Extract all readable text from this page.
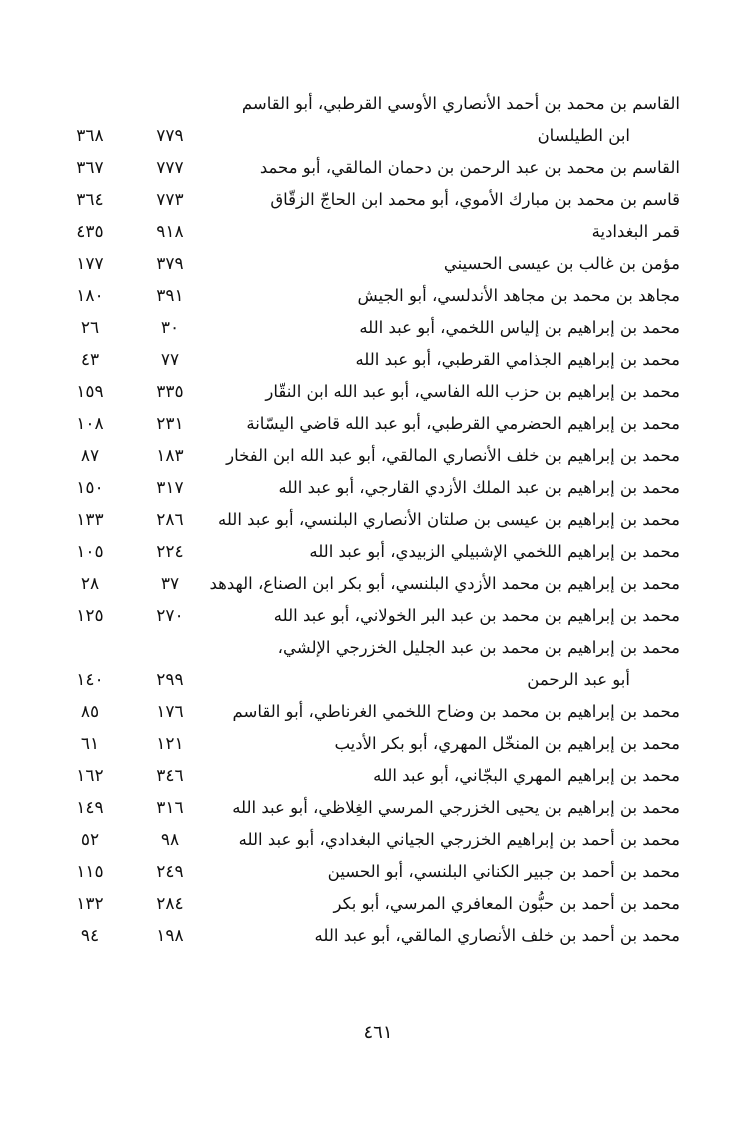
القاسم بن محمد بن أحمد الأنصاري الأوسي القرطبي، أبو القاسم
ابن الطيلسان
٧٧٩
٣٦٨
القاسم بن محمد بن عبد الرحمن بن دحمان المالقي، أبو محمد
٧٧٧
٣٦٧
قاسم بن محمد بن مبارك الأموي، أبو محمد ابن الحاجّ الزقّاق
٧٧٣
٣٦٤
قمر البغدادية
٩١٨
٤٣٥
مؤمن بن غالب بن عيسى الحسيني
٣٧٩
١٧٧
مجاهد بن محمد بن مجاهد الأندلسي، أبو الجيش
٣٩١
١٨٠
محمد بن إبراهيم بن إلياس اللخمي، أبو عبد الله
٣٠
٢٦
محمد بن إبراهيم الجذامي القرطبي، أبو عبد الله
٧٧
٤٣
محمد بن إبراهيم بن حزب الله الفاسي، أبو عبد الله ابن النقّار
٣٣٥
١٥٩
محمد بن إبراهيم الحضرمي القرطبي، أبو عبد الله قاضي اليسّانة
٢٣١
١٠٨
محمد بن إبراهيم بن خلف الأنصاري المالقي، أبو عبد الله ابن الفخار
١٨٣
٨٧
محمد بن إبراهيم بن عبد الملك الأزدي القارجي، أبو عبد الله
٣١٧
١٥٠
محمد بن إبراهيم بن عيسى بن صلتان الأنصاري البلنسي، أبو عبد الله
٢٨٦
١٣٣
محمد بن إبراهيم اللخمي الإشبيلي الزبيدي، أبو عبد الله
٢٢٤
١٠٥
محمد بن إبراهيم بن محمد الأزدي البلنسي، أبو بكر ابن الصناع، الهدهد
٣٧
٢٨
محمد بن إبراهيم بن محمد بن عبد البر الخولاني، أبو عبد الله
٢٧٠
١٢٥
محمد بن إبراهيم بن محمد بن عبد الجليل الخزرجي الإلشي،
أبو عبد الرحمن
٢٩٩
١٤٠
محمد بن إبراهيم بن محمد بن وضاح اللخمي الغرناطي، أبو القاسم
١٧٦
٨٥
محمد بن إبراهيم بن المنخّل المهري، أبو بكر الأديب
١٢١
٦١
محمد بن إبراهيم المهري البجّاني، أبو عبد الله
٣٤٦
١٦٢
محمد بن إبراهيم بن يحيى الخزرجي المرسي الغِلاظي، أبو عبد الله
٣١٦
١٤٩
محمد بن أحمد بن إبراهيم الخزرجي الجياني البغدادي، أبو عبد الله
٩٨
٥٢
محمد بن أحمد بن جبير الكناني البلنسي، أبو الحسين
٢٤٩
١١٥
محمد بن أحمد بن حبُّون المعافري المرسي، أبو بكر
٢٨٤
١٣٢
محمد بن أحمد بن خلف الأنصاري المالقي، أبو عبد الله
١٩٨
٩٤
٤٦١
